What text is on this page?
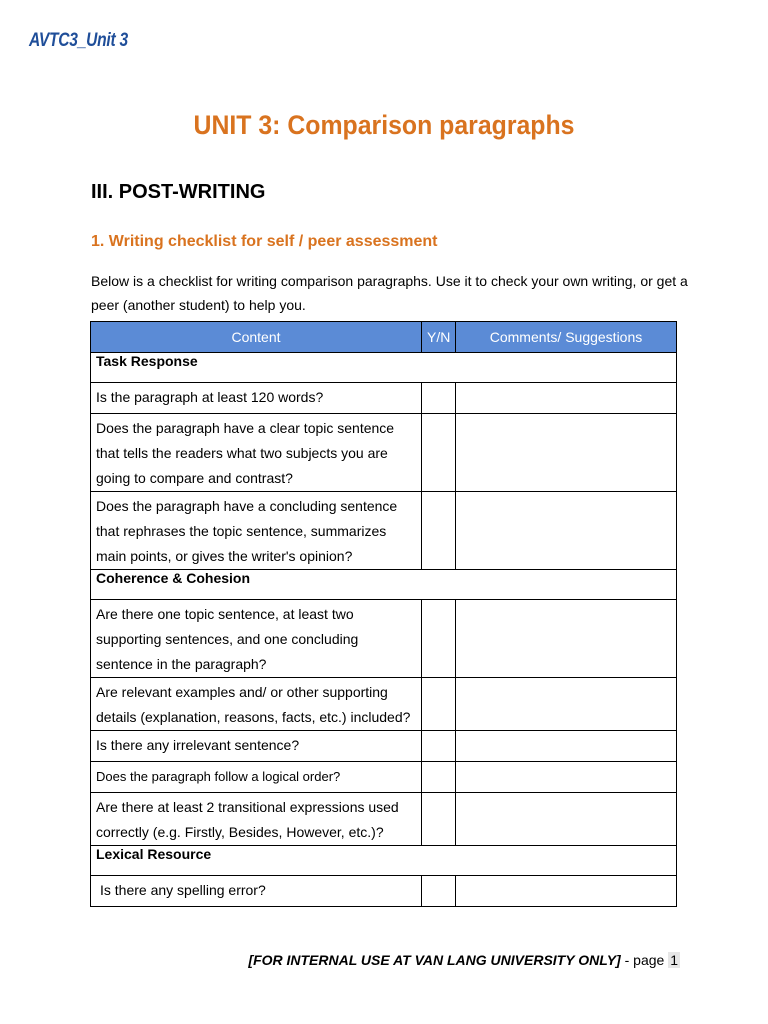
AVTC3_Unit 3
UNIT 3: Comparison paragraphs
III. POST-WRITING
1. Writing checklist for self / peer assessment
Below is a checklist for writing comparison paragraphs. Use it to check your own writing, or get a peer (another student) to help you.
Content	Y/N	Comments/ Suggestions
Task Response		
Is the paragraph at least 120 words?		
Does the paragraph have a clear topic sentence that tells the readers what two subjects you are going to compare and contrast?		
Does the paragraph have a concluding sentence that rephrases the topic sentence, summarizes main points, or gives the writer's opinion?		
Coherence & Cohesion		
Are there one topic sentence, at least two supporting sentences, and one concluding sentence in the paragraph?		
Are relevant examples and/ or other supporting details (explanation, reasons, facts, etc.) included?		
Is there any irrelevant sentence?		
Does the paragraph follow a logical order?		
Are there at least 2 transitional expressions used correctly (e.g. Firstly, Besides, However, etc.)?		
Lexical Resource		
Is there any spelling error?		
[FOR INTERNAL USE AT VAN LANG UNIVERSITY ONLY] - page 1
